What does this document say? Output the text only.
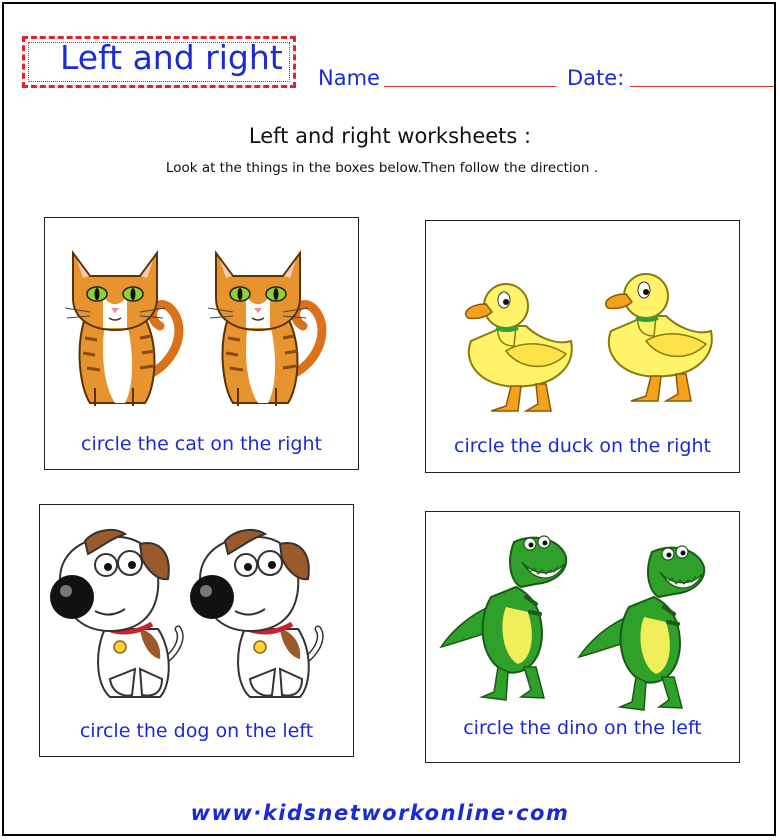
Left and right
Name	Date:
Left and right worksheets :
Look at the things in the boxes below.Then follow the direction .
circle the cat on the right	circle the duck on the right
circle the dog on the left	circle the dino on the left
www·kidsnetworkonline·com
